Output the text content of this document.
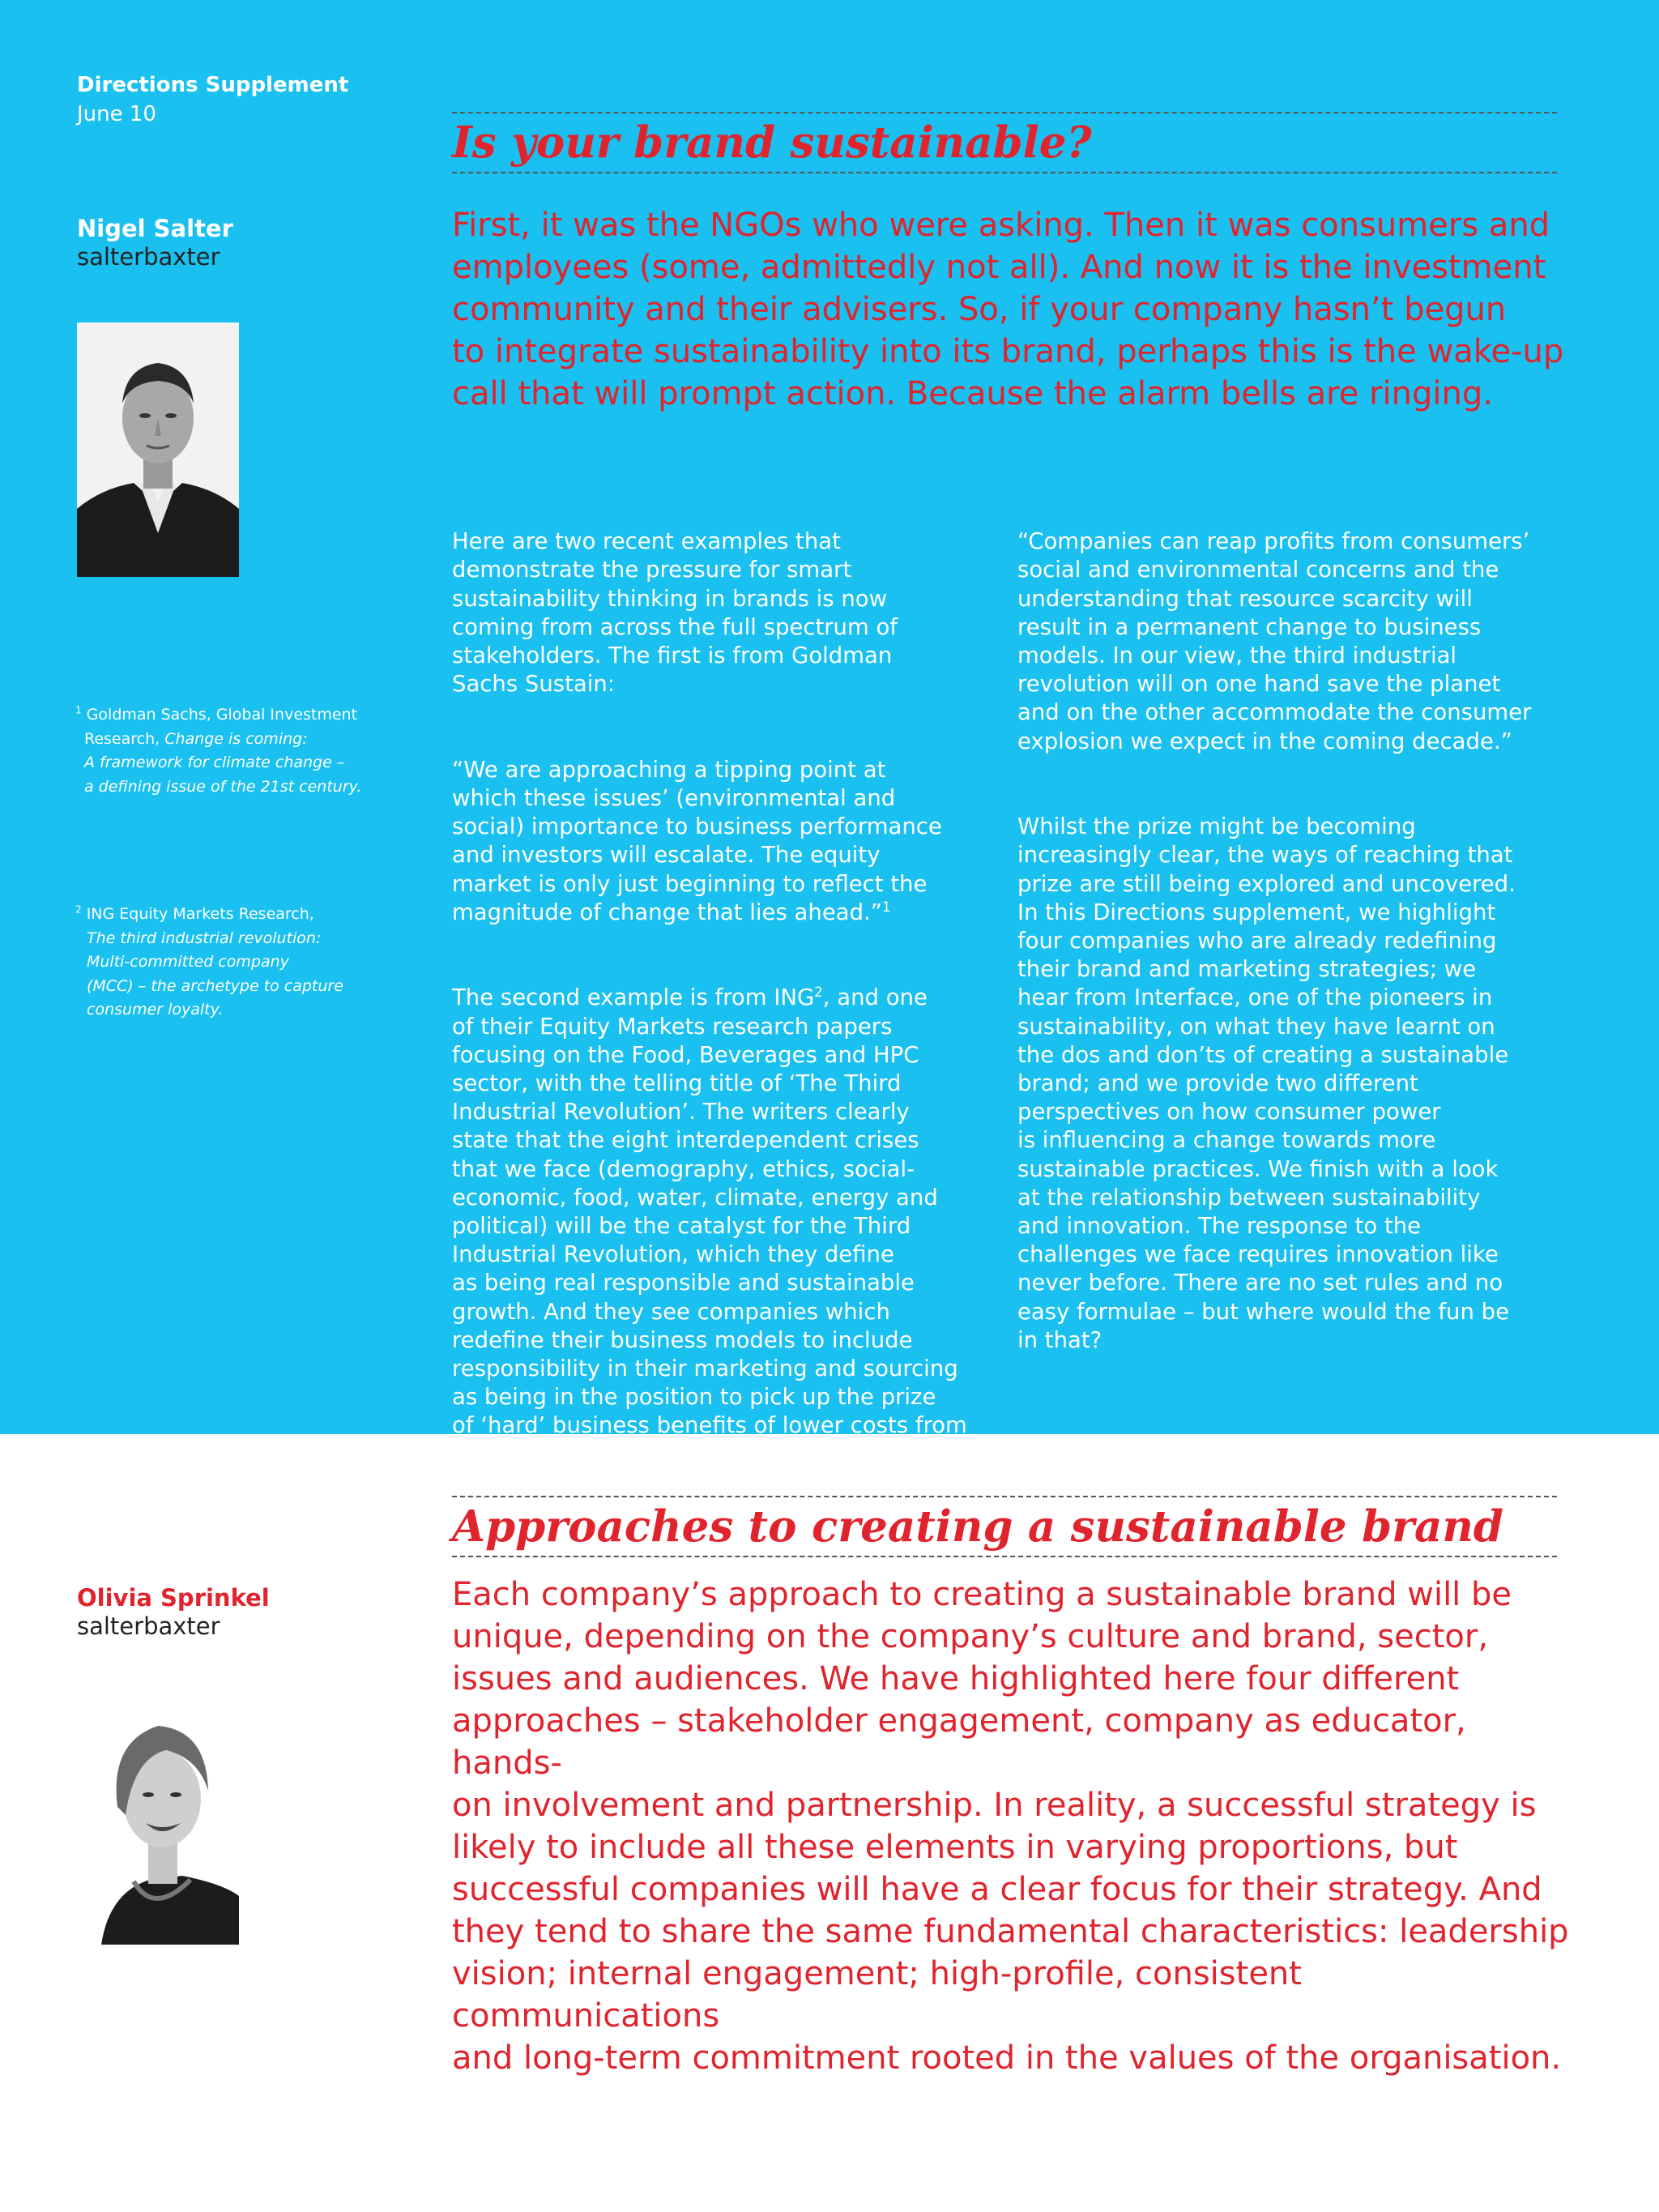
Directions Supplement
June 10
Nigel Salter
salterbaxter
Is your brand sustainable?
First, it was the NGOs who were asking. Then it was consumers and
employees (some, admittedly not all). And now it is the investment
community and their advisers. So, if your company hasn’t begun
to integrate sustainability into its brand, perhaps this is the wake-up
call that will prompt action. Because the alarm bells are ringing.

Here are two recent examples that
demonstrate the pressure for smart
sustainability thinking in brands is now
coming from across the full spectrum of
stakeholders. The first is from Goldman
Sachs Sustain:

“We are approaching a tipping point at
which these issues’ (environmental and
social) importance to business performance
and investors will escalate. The equity
market is only just beginning to reflect the
magnitude of change that lies ahead.”$^1$

The second example is from ING$^2$, and one
of their Equity Markets research papers
focusing on the Food, Beverages and HPC
sector, with the telling title of ‘The Third
Industrial Revolution’. The writers clearly
state that the eight interdependent crises
that we face (demography, ethics, social-
economic, food, water, climate, energy and
political) will be the catalyst for the Third
Industrial Revolution, which they define
as being real responsible and sustainable
growth. And they see companies which
redefine their business models to include
responsibility in their marketing and sourcing
as being in the position to pick up the prize
of ‘hard’ business benefits of lower costs from
supply chain synergies and higher sales.

“Companies can reap profits from consumers’
social and environmental concerns and the
understanding that resource scarcity will
result in a permanent change to business
models. In our view, the third industrial
revolution will on one hand save the planet
and on the other accommodate the consumer
explosion we expect in the coming decade.”

Whilst the prize might be becoming
increasingly clear, the ways of reaching that
prize are still being explored and uncovered.
In this Directions supplement, we highlight
four companies who are already redefining
their brand and marketing strategies; we
hear from Interface, one of the pioneers in
sustainability, on what they have learnt on
the dos and don’ts of creating a sustainable
brand; and we provide two different
perspectives on how consumer power
is influencing a change towards more
sustainable practices. We finish with a look
at the relationship between sustainability
and innovation. The response to the
challenges we face requires innovation like
never before. There are no set rules and no
easy formulae – but where would the fun be
in that?

$^1$ Goldman Sachs, Global Investment
Research, Change is coming:
A framework for climate change –
a defining issue of the 21st century.
$^2$ ING Equity Markets Research,
The third industrial revolution:
Multi-committed company
(MCC) – the archetype to capture
consumer loyalty.
Olivia Sprinkel
salterbaxter
Approaches to creating a sustainable brand
Each company’s approach to creating a sustainable brand will be
unique, depending on the company’s culture and brand, sector,
issues and audiences. We have highlighted here four different
approaches – stakeholder engagement, company as educator, hands-
on involvement and partnership. In reality, a successful strategy is
likely to include all these elements in varying proportions, but
successful companies will have a clear focus for their strategy. And
they tend to share the same fundamental characteristics: leadership
vision; internal engagement; high-profile, consistent communications
and long-term commitment rooted in the values of the organisation.
